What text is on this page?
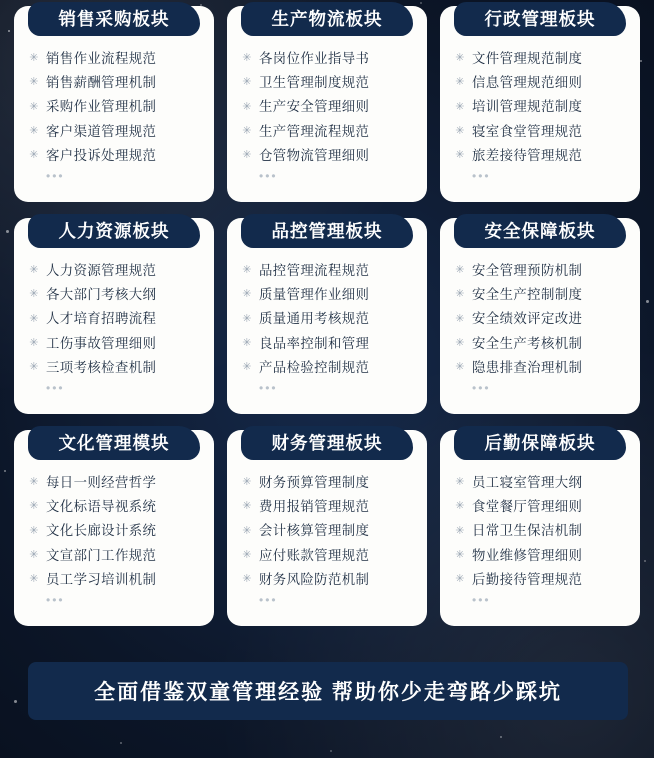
销售采购板块
✳ 销售作业流程规范
✳ 销售薪酬管理机制
✳ 采购作业管理机制
✳ 客户渠道管理规范
✳ 客户投诉处理规范
•••
生产物流板块
✳ 各岗位作业指导书
✳ 卫生管理制度规范
✳ 生产安全管理细则
✳ 生产管理流程规范
✳ 仓管物流管理细则
•••
行政管理板块
✳ 文件管理规范制度
✳ 信息管理规范细则
✳ 培训管理规范制度
✳ 寝室食堂管理规范
✳ 旅差接待管理规范
•••
人力资源板块
✳ 人力资源管理规范
✳ 各大部门考核大纲
✳ 人才培育招聘流程
✳ 工伤事故管理细则
✳ 三项考核检查机制
•••
品控管理板块
✳ 品控管理流程规范
✳ 质量管理作业细则
✳ 质量通用考核规范
✳ 良品率控制和管理
✳ 产品检验控制规范
•••
安全保障板块
✳ 安全管理预防机制
✳ 安全生产控制制度
✳ 安全绩效评定改进
✳ 安全生产考核机制
✳ 隐患排查治理机制
•••
文化管理模块
✳ 每日一则经营哲学
✳ 文化标语导视系统
✳ 文化长廊设计系统
✳ 文宣部门工作规范
✳ 员工学习培训机制
•••
财务管理板块
✳ 财务预算管理制度
✳ 费用报销管理规范
✳ 会计核算管理制度
✳ 应付账款管理规范
✳ 财务风险防范机制
•••
后勤保障板块
✳ 员工寝室管理大纲
✳ 食堂餐厅管理细则
✳ 日常卫生保洁机制
✳ 物业维修管理细则
✳ 后勤接待管理规范
•••
全面借鉴双童管理经验 帮助你少走弯路少踩坑
